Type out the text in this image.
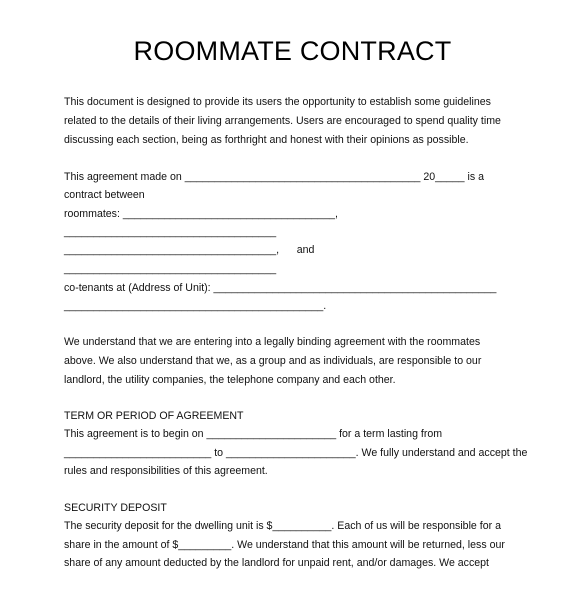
ROOMMATE CONTRACT
This document is designed to provide its users the opportunity to establish some guidelines
related to the details of their living arrangements. Users are encouraged to spend quality time
discussing each section, being as forthright and honest with their opinions as possible.
This agreement made on ________________________________________ 20_____ is a
contract between
roommates: ____________________________________,
____________________________________
____________________________________,      and
____________________________________
co-tenants at (Address of Unit): ________________________________________________
____________________________________________.
We understand that we are entering into a legally binding agreement with the roommates
above. We also understand that we, as a group and as individuals, are responsible to our
landlord, the utility companies, the telephone company and each other.
TERM OR PERIOD OF AGREEMENT
This agreement is to begin on ______________________ for a term lasting from
_________________________ to ______________________. We fully understand and accept the
rules and responsibilities of this agreement.
SECURITY DEPOSIT
The security deposit for the dwelling unit is $__________. Each of us will be responsible for a
share in the amount of $_________. We understand that this amount will be returned, less our
share of any amount deducted by the landlord for unpaid rent, and/or damages. We accept
